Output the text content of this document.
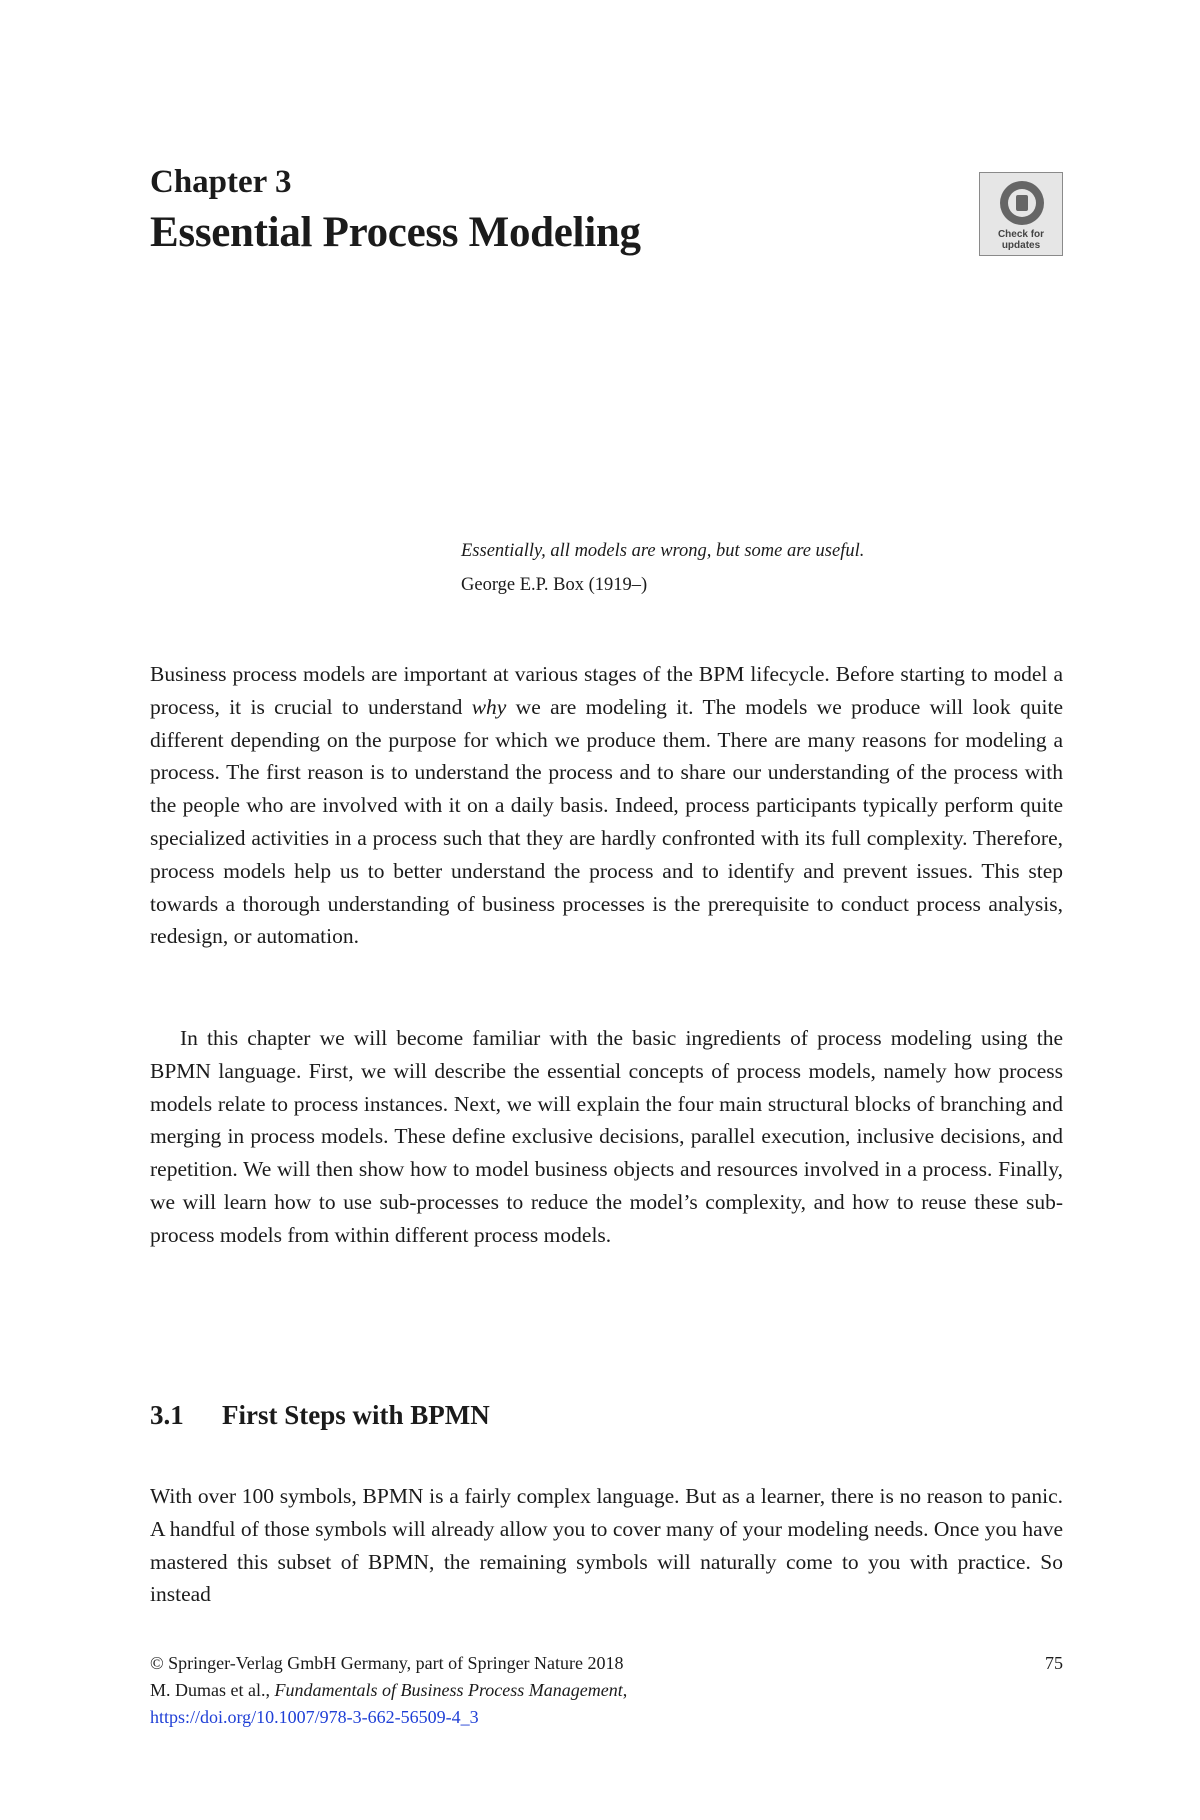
Chapter 3
Essential Process Modeling	Check for updates
Essentially, all models are wrong, but some are useful.
George E.P. Box (1919–)

Business process models are important at various stages of the BPM lifecycle. Before starting to model a process, it is crucial to understand why we are modeling it. The models we produce will look quite different depending on the purpose for which we produce them. There are many reasons for modeling a process. The first reason is to understand the process and to share our understanding of the process with the people who are involved with it on a daily basis. Indeed, process participants typically perform quite specialized activities in a process such that they are hardly confronted with its full complexity. Therefore, process models help us to better understand the process and to identify and prevent issues. This step towards a thorough understanding of business processes is the prerequisite to conduct process analysis, redesign, or automation.

In this chapter we will become familiar with the basic ingredients of process modeling using the BPMN language. First, we will describe the essential concepts of process models, namely how process models relate to process instances. Next, we will explain the four main structural blocks of branching and merging in process models. These define exclusive decisions, parallel execution, inclusive decisions, and repetition. We will then show how to model business objects and resources involved in a process. Finally, we will learn how to use sub-processes to reduce the model’s complexity, and how to reuse these sub-process models from within different process models.

3.1 First Steps with BPMN

With over 100 symbols, BPMN is a fairly complex language. But as a learner, there is no reason to panic. A handful of those symbols will already allow you to cover many of your modeling needs. Once you have mastered this subset of BPMN, the remaining symbols will naturally come to you with practice. So instead

© Springer-Verlag GmbH Germany, part of Springer Nature 2018
M. Dumas et al., Fundamentals of Business Process Management,
https://doi.org/10.1007/978-3-662-56509-4_3
75
